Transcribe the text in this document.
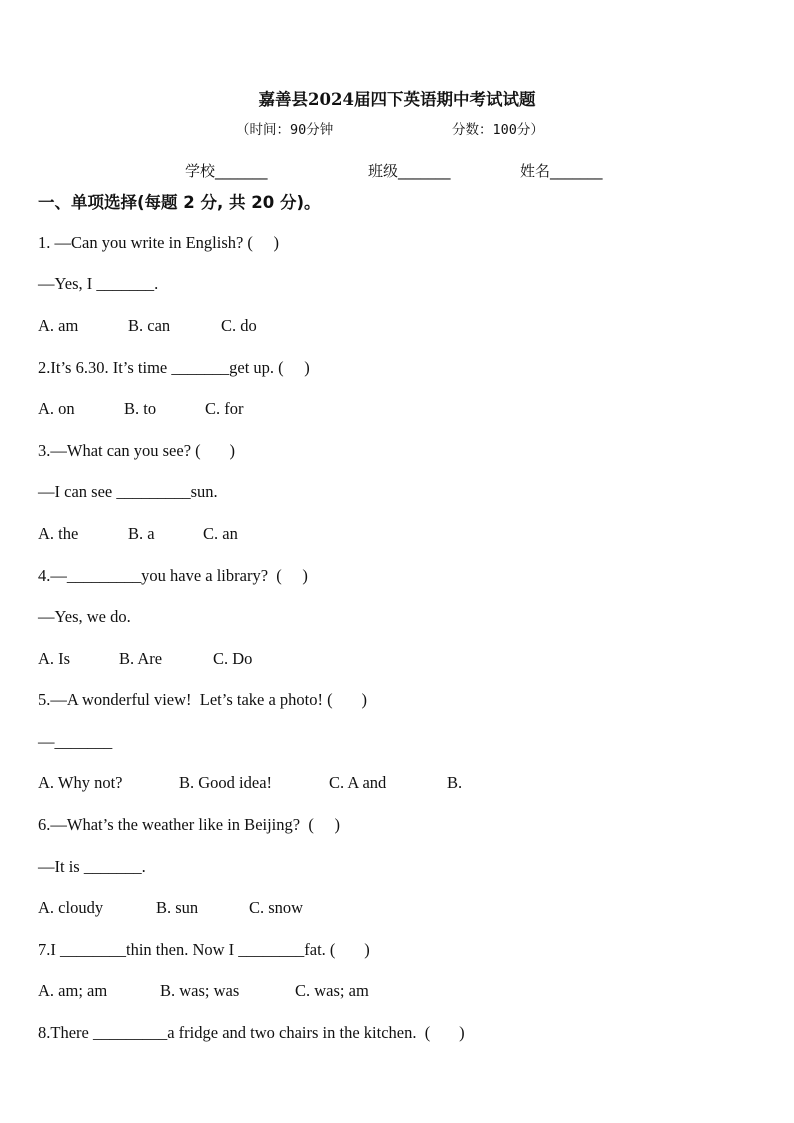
嘉善县2024届四下英语期中考试试题
（时间：90分钟	分数：100分）
学校_______	班级_______	姓名_______
一、单项选择(每题 2 分, 共 20 分)。
1. —Can you write in English? (     )
—Yes, I _______.
A. am	B. can	C. do
2.It’s 6.30. It’s time _______get up. (     )
A. on	B. to	C. for
3.—What can you see? (       )
—I can see _________sun.
A. the	B. a	C. an
4.—_________you have a library?  (     )
—Yes, we do.
A. Is	B. Are	C. Do
5.—A wonderful view!  Let’s take a photo! (       )
—_______
A. Why not?	B. Good idea!	C. A and	B.
6.—What’s the weather like in Beijing?  (     )
—It is _______.
A. cloudy	B. sun	C. snow
7.I ________thin then. Now I ________fat. (       )
A. am; am	B. was; was	C. was; am
8.There _________a fridge and two chairs in the kitchen.  (       )
